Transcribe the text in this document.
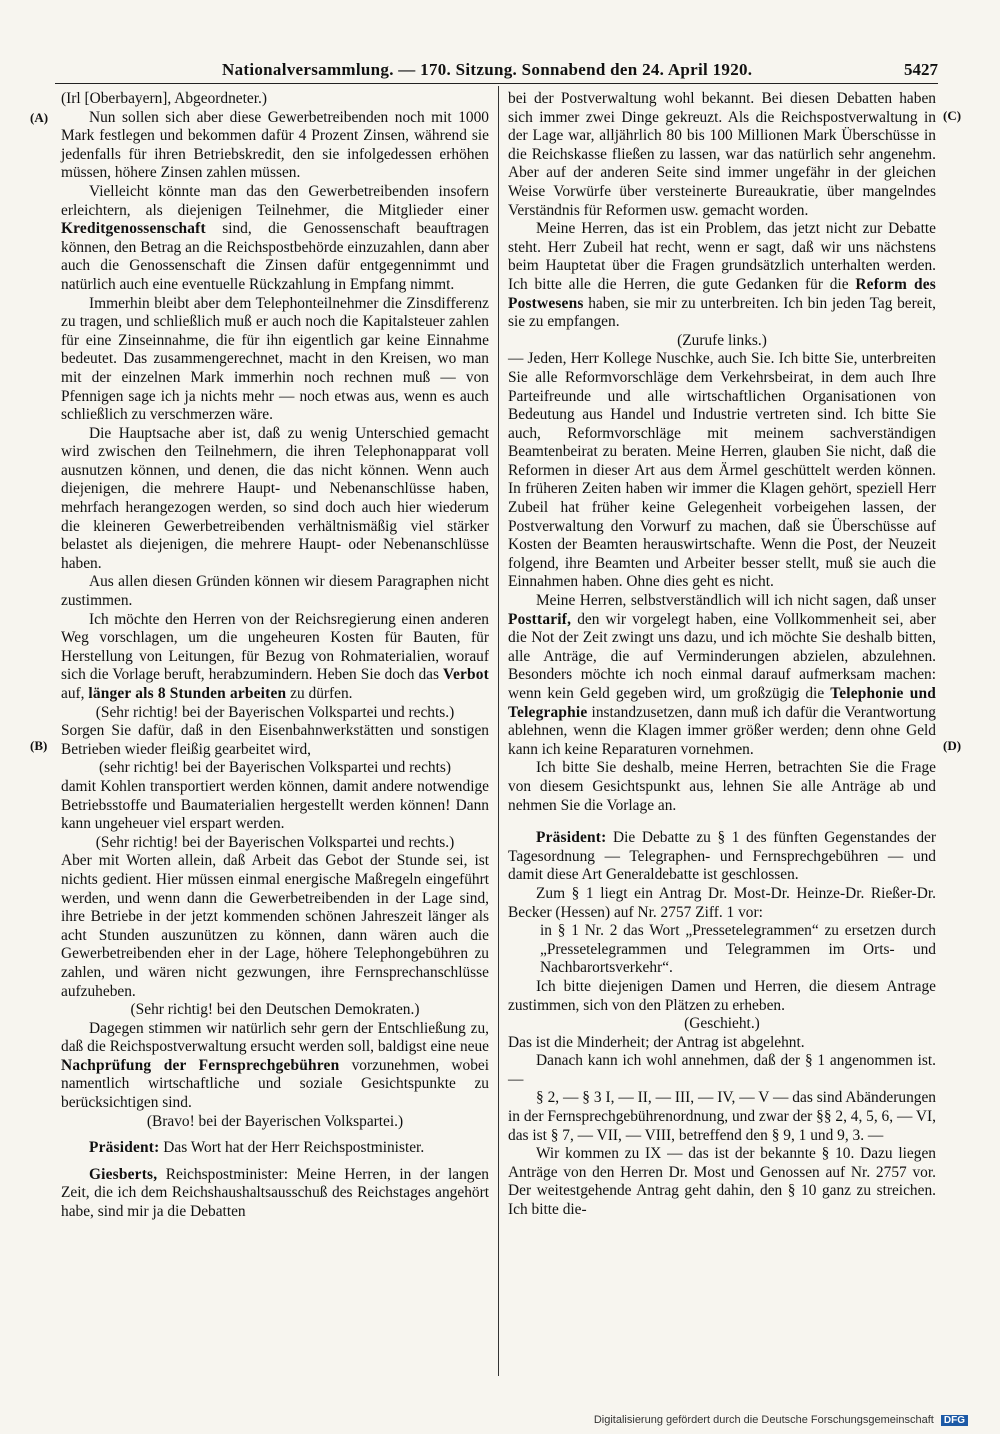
Nationalversammlung. — 170. Sitzung. Sonnabend den 24. April 1920.	5427
(A)
(B)
(C)
(D)

(Irl [Oberbayern], Abgeordneter.)

Nun sollen sich aber diese Gewerbetreibenden noch mit 1000 Mark festlegen und bekommen dafür 4 Prozent Zinsen, während sie jedenfalls für ihren Betriebskredit, den sie infolgedessen erhöhen müssen, höhere Zinsen zahlen müssen.

Vielleicht könnte man das den Gewerbetreibenden insofern erleichtern, als diejenigen Teilnehmer, die Mitglieder einer Kreditgenossenschaft sind, die Genossenschaft beauftragen können, den Betrag an die Reichspostbehörde einzuzahlen, dann aber auch die Genossenschaft die Zinsen dafür entgegennimmt und natürlich auch eine eventuelle Rückzahlung in Empfang nimmt.

Immerhin bleibt aber dem Telephonteilnehmer die Zinsdifferenz zu tragen, und schließlich muß er auch noch die Kapitalsteuer zahlen für eine Zinseinnahme, die für ihn eigentlich gar keine Einnahme bedeutet. Das zusammengerechnet, macht in den Kreisen, wo man mit der einzelnen Mark immerhin noch rechnen muß — von Pfennigen sage ich ja nichts mehr — noch etwas aus, wenn es auch schließlich zu verschmerzen wäre.

Die Hauptsache aber ist, daß zu wenig Unterschied gemacht wird zwischen den Teilnehmern, die ihren Telephonapparat voll ausnutzen können, und denen, die das nicht können. Wenn auch diejenigen, die mehrere Haupt- und Nebenanschlüsse haben, mehrfach herangezogen werden, so sind doch auch hier wiederum die kleineren Gewerbetreibenden verhältnismäßig viel stärker belastet als diejenigen, die mehrere Haupt- oder Nebenanschlüsse haben.

Aus allen diesen Gründen können wir diesem Paragraphen nicht zustimmen.

Ich möchte den Herren von der Reichsregierung einen anderen Weg vorschlagen, um die ungeheuren Kosten für Bauten, für Herstellung von Leitungen, für Bezug von Rohmaterialien, worauf sich die Vorlage beruft, herabzumindern. Heben Sie doch das Verbot auf, länger als 8 Stunden arbeiten zu dürfen.

(Sehr richtig! bei der Bayerischen Volkspartei und rechts.)

Sorgen Sie dafür, daß in den Eisenbahnwerkstätten und sonstigen Betrieben wieder fleißig gearbeitet wird,

(sehr richtig! bei der Bayerischen Volkspartei und rechts)

damit Kohlen transportiert werden können, damit andere notwendige Betriebsstoffe und Baumaterialien hergestellt werden können! Dann kann ungeheuer viel erspart werden.

(Sehr richtig! bei der Bayerischen Volkspartei und rechts.)

Aber mit Worten allein, daß Arbeit das Gebot der Stunde sei, ist nichts gedient. Hier müssen einmal energische Maßregeln eingeführt werden, und wenn dann die Gewerbetreibenden in der Lage sind, ihre Betriebe in der jetzt kommenden schönen Jahreszeit länger als acht Stunden auszunützen zu können, dann wären auch die Gewerbetreibenden eher in der Lage, höhere Telephongebühren zu zahlen, und wären nicht gezwungen, ihre Fernsprechanschlüsse aufzuheben.

(Sehr richtig! bei den Deutschen Demokraten.)

Dagegen stimmen wir natürlich sehr gern der Entschließung zu, daß die Reichspostverwaltung ersucht werden soll, baldigst eine neue Nachprüfung der Fernsprechgebühren vorzunehmen, wobei namentlich wirtschaftliche und soziale Gesichtspunkte zu berücksichtigen sind.

(Bravo! bei der Bayerischen Volkspartei.)

Präsident: Das Wort hat der Herr Reichspostminister.

Giesberts, Reichspostminister: Meine Herren, in der langen Zeit, die ich dem Reichshaushaltsausschuß des Reichstages angehört habe, sind mir ja die Debatten

bei der Postverwaltung wohl bekannt. Bei diesen Debatten haben sich immer zwei Dinge gekreuzt. Als die Reichspostverwaltung in der Lage war, alljährlich 80 bis 100 Millionen Mark Überschüsse in die Reichskasse fließen zu lassen, war das natürlich sehr angenehm. Aber auf der anderen Seite sind immer ungefähr in der gleichen Weise Vorwürfe über versteinerte Bureaukratie, über mangelndes Verständnis für Reformen usw. gemacht worden.

Meine Herren, das ist ein Problem, das jetzt nicht zur Debatte steht. Herr Zubeil hat recht, wenn er sagt, daß wir uns nächstens beim Hauptetat über die Fragen grundsätzlich unterhalten werden. Ich bitte alle die Herren, die gute Gedanken für die Reform des Postwesens haben, sie mir zu unterbreiten. Ich bin jeden Tag bereit, sie zu empfangen.

(Zurufe links.)

— Jeden, Herr Kollege Nuschke, auch Sie. Ich bitte Sie, unterbreiten Sie alle Reformvorschläge dem Verkehrsbeirat, in dem auch Ihre Parteifreunde und alle wirtschaftlichen Organisationen von Bedeutung aus Handel und Industrie vertreten sind. Ich bitte Sie auch, Reformvorschläge mit meinem sachverständigen Beamtenbeirat zu beraten. Meine Herren, glauben Sie nicht, daß die Reformen in dieser Art aus dem Ärmel geschüttelt werden können. In früheren Zeiten haben wir immer die Klagen gehört, speziell Herr Zubeil hat früher keine Gelegenheit vorbeigehen lassen, der Postverwaltung den Vorwurf zu machen, daß sie Überschüsse auf Kosten der Beamten herauswirtschafte. Wenn die Post, der Neuzeit folgend, ihre Beamten und Arbeiter besser stellt, muß sie auch die Einnahmen haben. Ohne dies geht es nicht.

Meine Herren, selbstverständlich will ich nicht sagen, daß unser Posttarif, den wir vorgelegt haben, eine Vollkommenheit sei, aber die Not der Zeit zwingt uns dazu, und ich möchte Sie deshalb bitten, alle Anträge, die auf Verminderungen abzielen, abzulehnen. Besonders möchte ich noch einmal darauf aufmerksam machen: wenn kein Geld gegeben wird, um großzügig die Telephonie und Telegraphie instandzusetzen, dann muß ich dafür die Verantwortung ablehnen, wenn die Klagen immer größer werden; denn ohne Geld kann ich keine Reparaturen vornehmen.

Ich bitte Sie deshalb, meine Herren, betrachten Sie die Frage von diesem Gesichtspunkt aus, lehnen Sie alle Anträge ab und nehmen Sie die Vorlage an.

Präsident: Die Debatte zu § 1 des fünften Gegenstandes der Tagesordnung — Telegraphen- und Fernsprechgebühren — und damit diese Art Generaldebatte ist geschlossen.

Zum § 1 liegt ein Antrag Dr. Most-Dr. Heinze-Dr. Rießer-Dr. Becker (Hessen) auf Nr. 2757 Ziff. 1 vor:

in § 1 Nr. 2 das Wort „Pressetelegrammen“ zu ersetzen durch „Pressetelegrammen und Telegrammen im Orts- und Nachbarortsverkehr“.

Ich bitte diejenigen Damen und Herren, die diesem Antrage zustimmen, sich von den Plätzen zu erheben.

(Geschieht.)

Das ist die Minderheit; der Antrag ist abgelehnt.

Danach kann ich wohl annehmen, daß der § 1 angenommen ist. —

§ 2, — § 3 I, — II, — III, — IV, — V — das sind Abänderungen in der Fernsprechgebührenordnung, und zwar der §§ 2, 4, 5, 6, — VI, das ist § 7, — VII, — VIII, betreffend den § 9, 1 und 9, 3. —

Wir kommen zu IX — das ist der bekannte § 10. Dazu liegen Anträge von den Herren Dr. Most und Genossen auf Nr. 2757 vor. Der weitestgehende Antrag geht dahin, den § 10 ganz zu streichen. Ich bitte die-

Digitalisierung gefördert durch die Deutsche Forschungsgemeinschaft DFG
